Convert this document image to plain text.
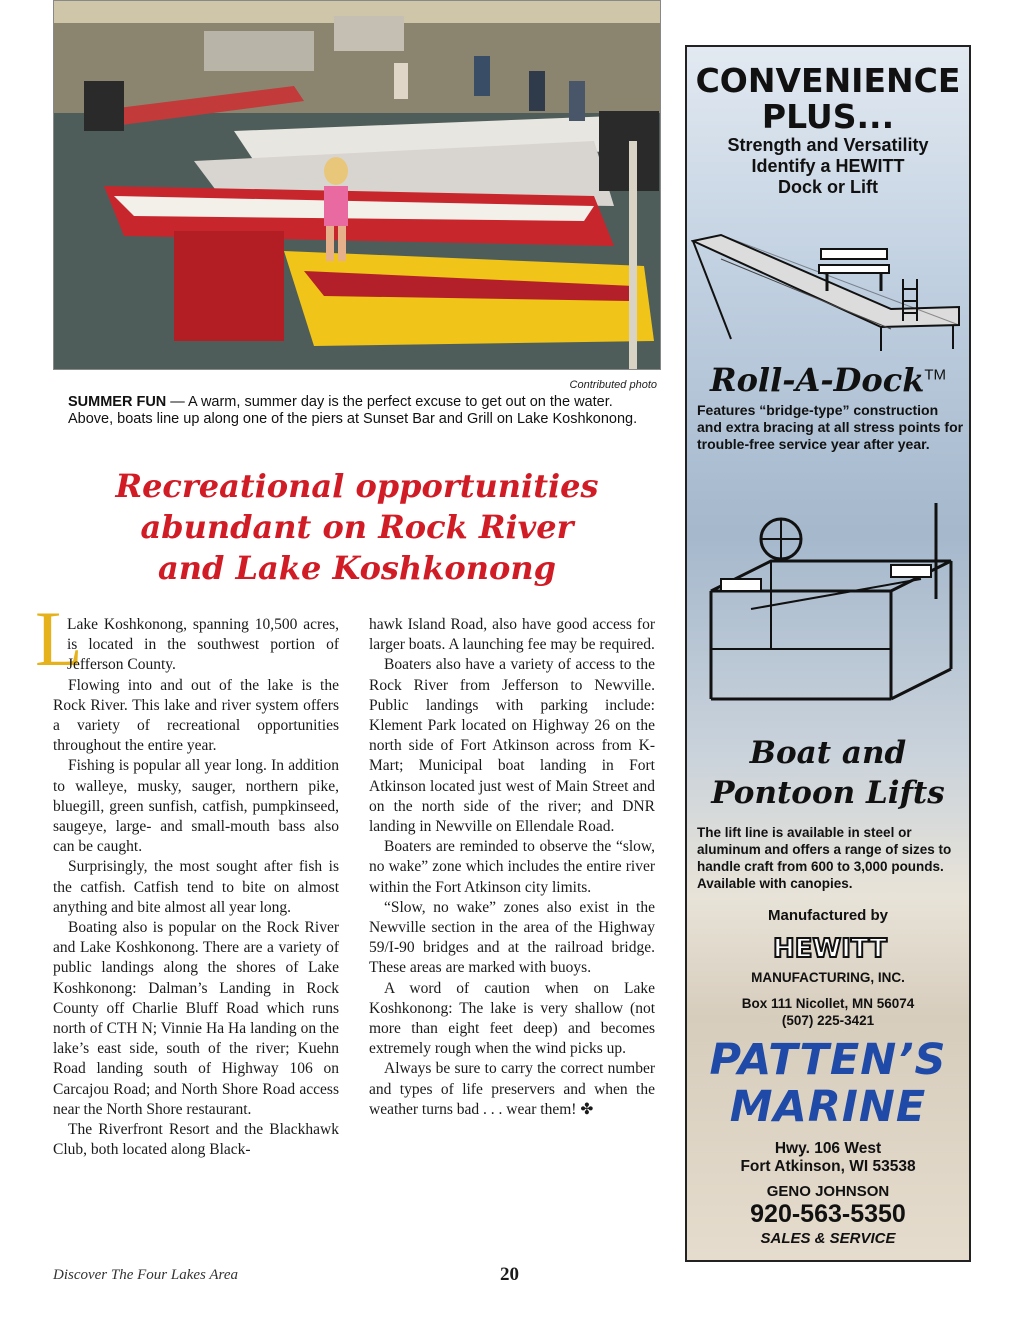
Contributed photo
SUMMER FUN — A warm, summer day is the perfect excuse to get out on the water. Above, boats line up along one of the piers at Sunset Bar and Grill on Lake Koshkonong.
Recreational opportunities
abundant on Rock River
and Lake Koshkonong
L

Lake Koshkonong, spanning 10,500 acres, is located in the southwest portion of Jefferson County.

Flowing into and out of the lake is the Rock River. This lake and river system offers a variety of recreational opportunities throughout the entire year.

Fishing is popular all year long. In addition to walleye, musky, sauger, northern pike, bluegill, green sunfish, catfish, pumpkinseed, saugeye, large- and small-mouth bass also can be caught.

Surprisingly, the most sought after fish is the catfish. Catfish tend to bite on almost anything and bite almost all year long.

Boating also is popular on the Rock River and Lake Koshkonong. There are a variety of public landings along the shores of Lake Koshkonong: Dalman’s Landing in Rock County off Charlie Bluff Road which runs north of CTH N; Vinnie Ha Ha landing on the lake’s east side, south of the river; Kuehn Road landing south of Highway 106 on Carcajou Road; and North Shore Road access near the North Shore restaurant.

The Riverfront Resort and the Blackhawk Club, both located along Black-

hawk Island Road, also have good access for larger boats. A launching fee may be required.

Boaters also have a variety of access to the Rock River from Jefferson to Newville. Public landings with parking include: Klement Park located on Highway 26 on the north side of Fort Atkinson across from K-Mart; Municipal boat landing in Fort Atkinson located just west of Main Street and on the north side of the river; and DNR landing in Newville on Ellendale Road.

Boaters are reminded to observe the “slow, no wake” zone which includes the entire river within the Fort Atkinson city limits.

“Slow, no wake” zones also exist in the Newville section in the area of the Highway 59/I-90 bridges and at the railroad bridge. These areas are marked with buoys.

A word of caution when on Lake Koshkonong: The lake is very shallow (not more than eight feet deep) and becomes extremely rough when the wind picks up.

Always be sure to carry the correct number and types of life preservers and when the weather turns bad . . . wear them! ✤

Discover The Four Lakes Area	20
CONVENIENCE
PLUS...
Strength and Versatility
Identify a HEWITT
Dock or Lift
Roll-A-Dock™
Features “bridge-type” construction and extra bracing at all stress points for trouble-free service year after year.
Boat and
Pontoon Lifts
The lift line is available in steel or aluminum and offers a range of sizes to handle craft from 600 to 3,000 pounds. Available with canopies.
Manufactured by
HEWITT
MANUFACTURING, INC.
Box 111 Nicollet, MN 56074
(507) 225-3421
PATTEN’S
MARINE
Hwy. 106 West
Fort Atkinson, WI 53538
GENO JOHNSON
920-563-5350
SALES & SERVICE
